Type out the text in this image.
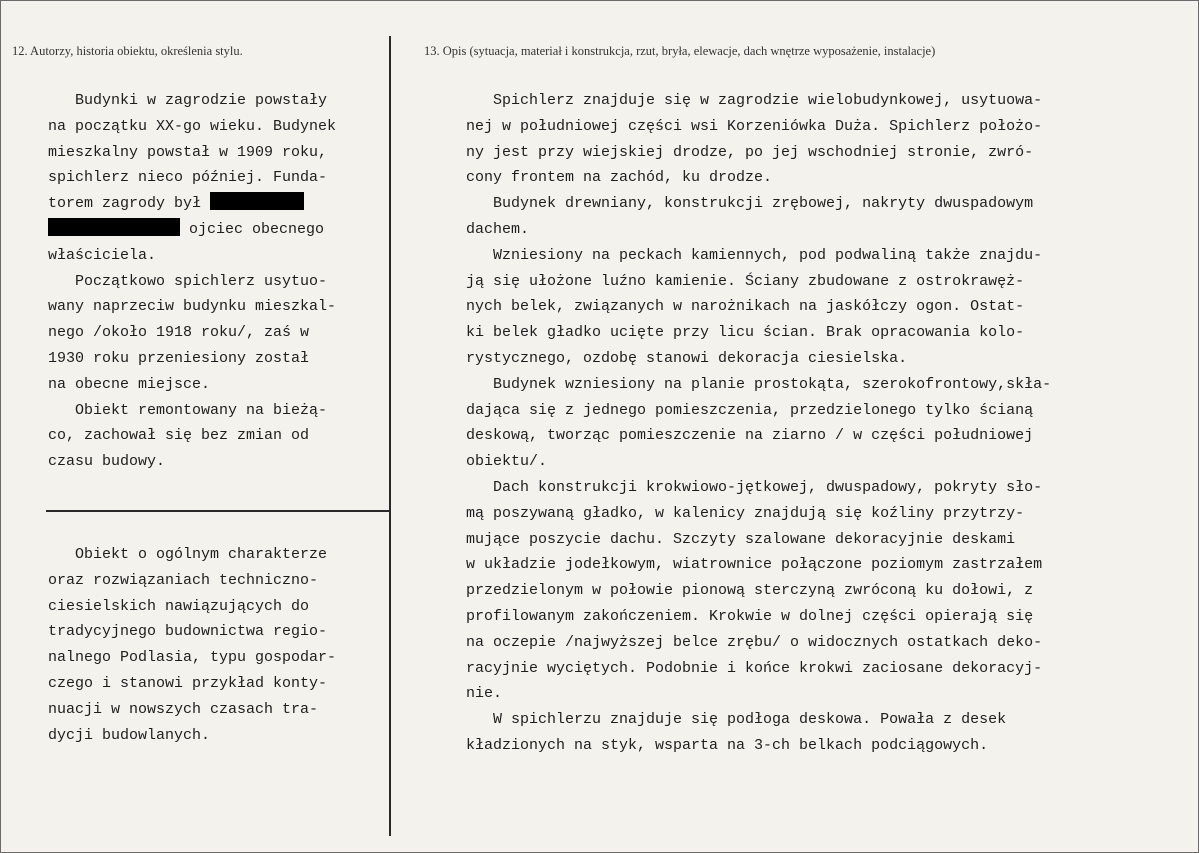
12. Autorzy, historia obiektu, określenia stylu.	13. Opis (sytuacja, materiał i konstrukcja, rzut, bryła, elewacje, dach wnętrze wyposażenie, instalacje)
Budynki w zagrodzie powstały
na początku XX-go wieku. Budynek
mieszkalny powstał w 1909 roku,
spichlerz nieco później. Funda-
torem zagrody był
ojciec obecnego
właściciela.
Początkowo spichlerz usytuo-
wany naprzeciw budynku mieszkal-
nego /około 1918 roku/, zaś w
1930 roku przeniesiony został
na obecne miejsce.
Obiekt remontowany na bieżą-
co, zachował się bez zmian od
czasu budowy.
Obiekt o ogólnym charakterze
oraz rozwiązaniach techniczno-
ciesielskich nawiązujących do
tradycyjnego budownictwa regio-
nalnego Podlasia, typu gospodar-
czego i stanowi przykład konty-
nuacji w nowszych czasach tra-
dycji budowlanych.
Spichlerz znajduje się w zagrodzie wielobudynkowej, usytuowa-
nej w południowej części wsi Korzeniówka Duża. Spichlerz położo-
ny jest przy wiejskiej drodze, po jej wschodniej stronie, zwró-
cony frontem na zachód, ku drodze.
Budynek drewniany, konstrukcji zrębowej, nakryty dwuspadowym
dachem.
Wzniesiony na peckach kamiennych, pod podwaliną także znajdu-
ją się ułożone luźno kamienie. Ściany zbudowane z ostrokrawęż-
nych belek, związanych w narożnikach na jaskółczy ogon. Ostat-
ki belek gładko ucięte przy licu ścian. Brak opracowania kolo-
rystycznego, ozdobę stanowi dekoracja ciesielska.
Budynek wzniesiony na planie prostokąta, szerokofrontowy,skła-
dająca się z jednego pomieszczenia, przedzielonego tylko ścianą
deskową, tworząc pomieszczenie na ziarno / w części południowej
obiektu/.
Dach konstrukcji krokwiowo-jętkowej, dwuspadowy, pokryty sło-
mą poszywaną gładko, w kalenicy znajdują się koźliny przytrzy-
mujące poszycie dachu. Szczyty szalowane dekoracyjnie deskami
w układzie jodełkowym, wiatrownice połączone poziomym zastrzałem
przedzielonym w połowie pionową sterczyną zwróconą ku dołowi, z
profilowanym zakończeniem. Krokwie w dolnej części opierają się
na oczepie /najwyższej belce zrębu/ o widocznych ostatkach deko-
racyjnie wyciętych. Podobnie i końce krokwi zaciosane dekoracyj-
nie.
W spichlerzu znajduje się podłoga deskowa. Powała z desek
kładzionych na styk, wsparta na 3-ch belkach podciągowych.
